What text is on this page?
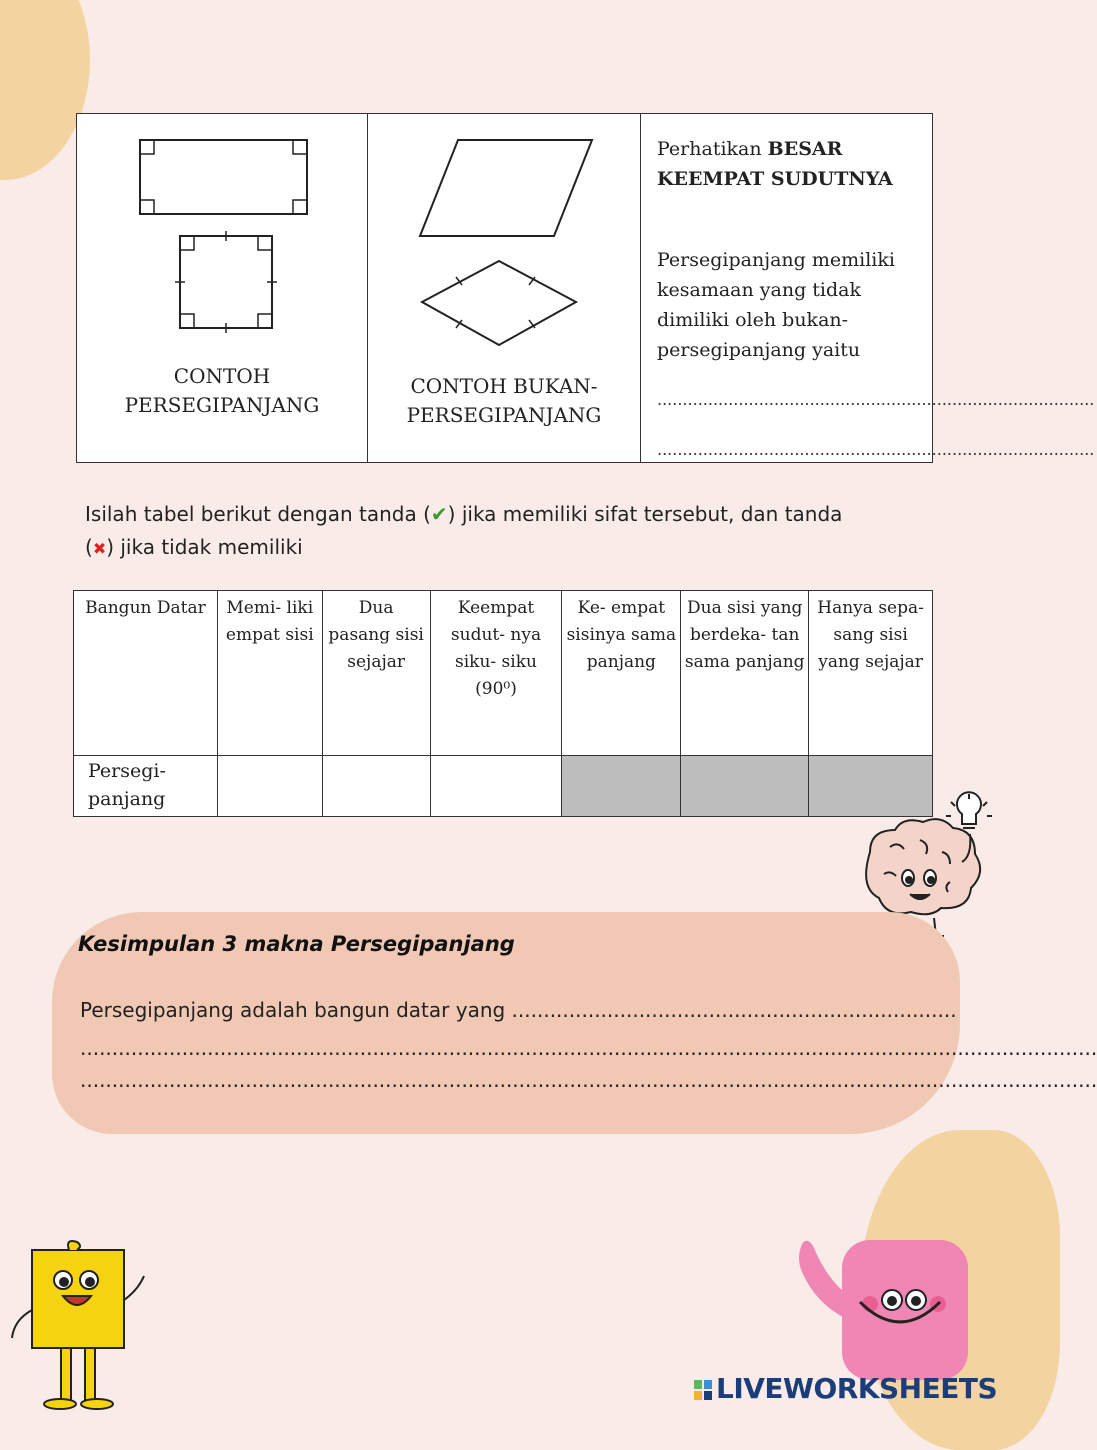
CONTOH
PERSEGIPANJANG
CONTOH BUKAN-
PERSEGIPANJANG
Perhatikan BESAR KEEMPAT SUDUTNYA
Persegipanjang memiliki kesamaan yang tidak dimiliki oleh bukan-persegipanjang yaitu
......................................................................................
......................................................................................
Isilah tabel berikut dengan tanda (✔) jika memiliki sifat tersebut, dan tanda
(✖) jika tidak memiliki
Bangun Datar	Memi- liki empat sisi	Dua pasang sisi sejajar	Keempat sudut- nya siku- siku (90⁰)	Ke- empat sisinya sama panjang	Dua sisi yang berdeka- tan sama panjang	Hanya sepa- sang sisi yang sejajar
Persegi- panjang						
Kesimpulan 3 makna Persegipanjang
Persegipanjang adalah bangun datar yang ......................................................................
................................................................................................................................................................
................................................................................................................................................................
LIVEWORKSHEETS
